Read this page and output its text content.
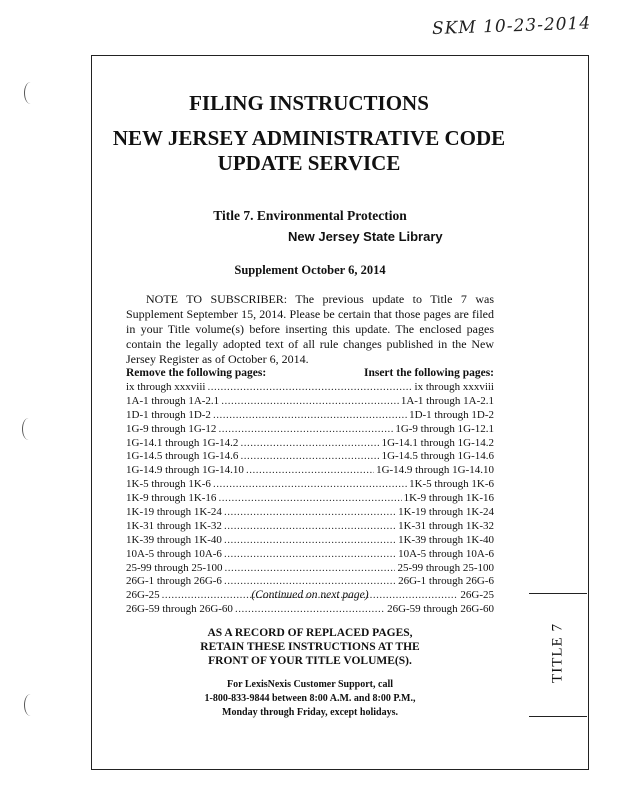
SKM 10-23-2014
FILING INSTRUCTIONS
NEW JERSEY ADMINISTRATIVE CODE
UPDATE SERVICE
Title 7. Environmental Protection
New Jersey State Library
Supplement October 6, 2014
NOTE TO SUBSCRIBER: The previous update to Title 7 was Supplement September 15, 2014. Please be certain that those pages are filed in your Title volume(s) before inserting this update. The enclosed pages contain the legally adopted text of all rule changes published in the New Jersey Register as of October 6, 2014.
Remove the following pages:	Insert the following pages:
ix through xxxviii .....	ix through xxxviii
1A-1 through 1A-2.1 .....	1A-1 through 1A-2.1
1D-1 through 1D-2 .....	1D-1 through 1D-2
1G-9 through 1G-12 .....	1G-9 through 1G-12.1
1G-14.1 through 1G-14.2 .....	1G-14.1 through 1G-14.2
1G-14.5 through 1G-14.6 .....	1G-14.5 through 1G-14.6
1G-14.9 through 1G-14.10 .....	1G-14.9 through 1G-14.10
1K-5 through 1K-6 .....	1K-5 through 1K-6
1K-9 through 1K-16 .....	1K-9 through 1K-16
1K-19 through 1K-24 .....	1K-19 through 1K-24
1K-31 through 1K-32 .....	1K-31 through 1K-32
1K-39 through 1K-40 .....	1K-39 through 1K-40
10A-5 through 10A-6 .....	10A-5 through 10A-6
25-99 through 25-100 .....	25-99 through 25-100
26G-1 through 26G-6 .....	26G-1 through 26G-6
26G-25 .....	26G-25
26G-59 through 26G-60 .....	26G-59 through 26G-60
(Continued on next page)
AS A RECORD OF REPLACED PAGES,
RETAIN THESE INSTRUCTIONS AT THE
FRONT OF YOUR TITLE VOLUME(S).
For LexisNexis Customer Support, call
1-800-833-9844 between 8:00 A.M. and 8:00 P.M.,
Monday through Friday, except holidays.
TITLE 7
